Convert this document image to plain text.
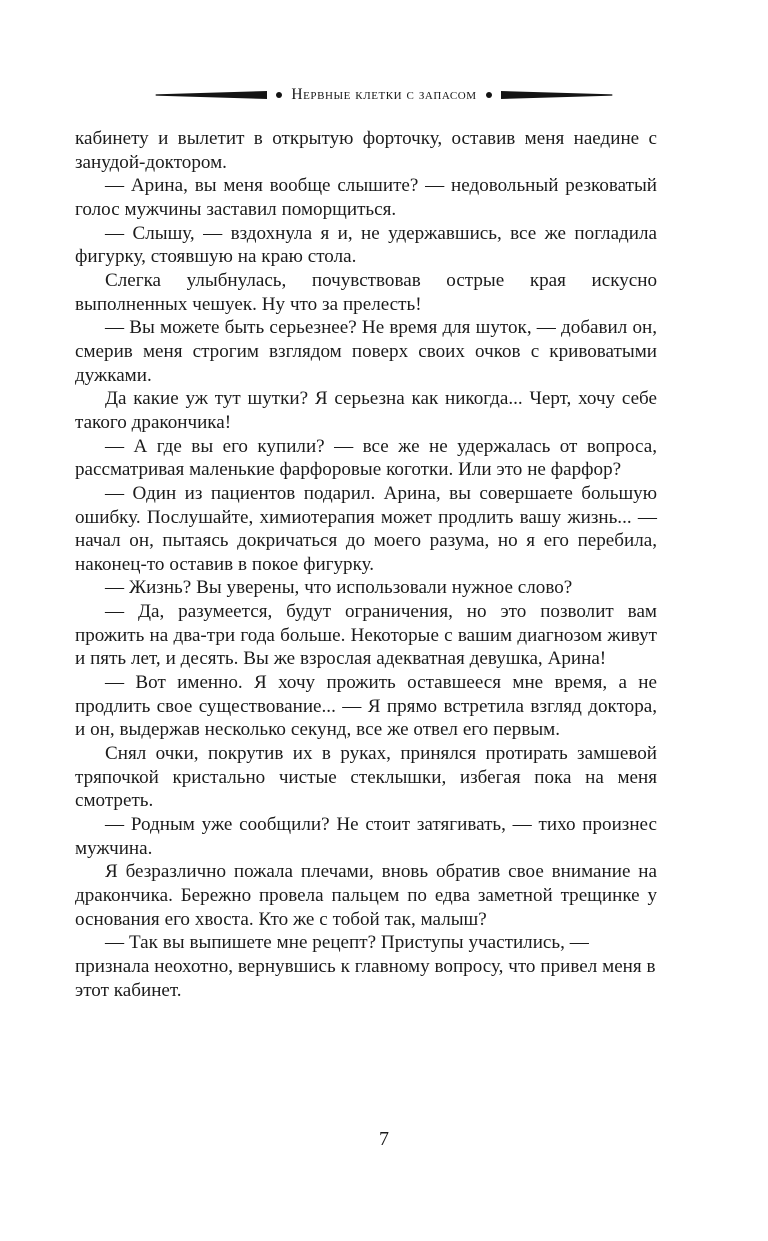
Нервные клетки с запасом

кабинету и вылетит в открытую форточку, оставив меня наедине с занудой-доктором.

— Арина, вы меня вообще слышите? — недовольный резковатый голос мужчины заставил поморщиться.

— Слышу, — вздохнула я и, не удержавшись, все же погладила фигурку, стоявшую на краю стола.

Слегка улыбнулась, почувствовав острые края искусно выполненных чешуек. Ну что за прелесть!

— Вы можете быть серьезнее? Не время для шуток, — добавил он, смерив меня строгим взглядом поверх своих очков с кривоватыми дужками.

Да какие уж тут шутки? Я серьезна как никогда... Черт, хочу себе такого дракончика!

— А где вы его купили? — все же не удержалась от вопроса, рассматривая маленькие фарфоровые коготки. Или это не фарфор?

— Один из пациентов подарил. Арина, вы совершаете большую ошибку. Послушайте, химиотерапия может продлить вашу жизнь... — начал он, пытаясь докричаться до моего разума, но я его перебила, наконец-то оставив в покое фигурку.

— Жизнь? Вы уверены, что использовали нужное слово?

— Да, разумеется, будут ограничения, но это позволит вам прожить на два-три года больше. Некоторые с вашим диагнозом живут и пять лет, и десять. Вы же взрослая адекватная девушка, Арина!

— Вот именно. Я хочу прожить оставшееся мне время, а не продлить свое существование... — Я прямо встретила взгляд доктора, и он, выдержав несколько секунд, все же отвел его первым.

Снял очки, покрутив их в руках, принялся протирать замшевой тряпочкой кристально чистые стеклышки, избегая пока на меня смотреть.

— Родным уже сообщили? Не стоит затягивать, — тихо произнес мужчина.

Я безразлично пожала плечами, вновь обратив свое внимание на дракончика. Бережно провела пальцем по едва заметной трещинке у основания его хвоста. Кто же с тобой так, малыш?

— Так вы выпишете мне рецепт? Приступы участились, — признала неохотно, вернувшись к главному вопросу, что привел меня в этот кабинет.

7
